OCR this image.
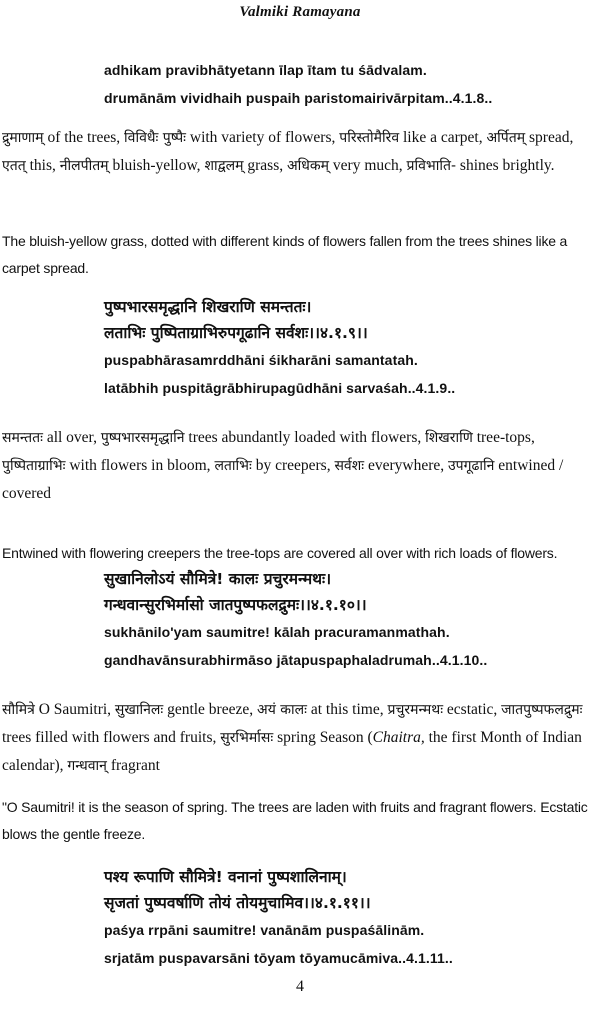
Valmiki Ramayana
adhikam pravibhātyetann īlap ītam tu śādvalam.
drumānām vividhaih puspaih paristomairivārpitam..4.1.8..
द्रुमाणाम् of the trees, विविधैः पुष्पैः with variety of flowers, परिस्तोमैरिव like a carpet, अर्पितम् spread, एतत् this, नीलपीतम् bluish-yellow, शाद्वलम् grass, अधिकम् very much, प्रविभाति- shines brightly.
The bluish-yellow grass, dotted with different kinds of flowers fallen from the trees shines like a carpet spread.
पुष्पभारसमृद्धानि शिखराणि समन्ततः।
लताभिः पुष्पिताग्राभिरुपगूढानि सर्वशः।।४.१.९।।
puspabhārasamrddhāni śikharāni samantatah.
latābhih puspitāgrābhirupagūdhāni sarvaśah..4.1.9..
समन्ततः all over, पुष्पभारसमृद्धानि trees abundantly loaded with flowers, शिखराणि tree-tops, पुष्पिताग्राभिः with flowers in bloom, लताभिः by creepers, सर्वशः everywhere, उपगूढानि entwined / covered
Entwined with flowering creepers the tree-tops are covered all over with rich loads of flowers.
सुखानिलोऽयं सौमित्रे! कालः प्रचुरमन्मथः।
गन्धवान्सुरभिर्मासो जातपुष्पफलद्रुमः।।४.१.१०।।
sukhānilo'yam saumitre! kālah pracuramanmathah.
gandhavānsurabhirmāso jātapuspaphaladrumah..4.1.10..
सौमित्रे O Saumitri, सुखानिलः gentle breeze, अयं कालः at this time, प्रचुरमन्मथः ecstatic, जातपुष्पफलद्रुमः trees filled with flowers and fruits, सुरभिर्मासः spring Season (Chaitra, the first Month of Indian calendar), गन्धवान् fragrant
"O Saumitri! it is the season of spring. The trees are laden with fruits and fragrant flowers. Ecstatic blows the gentle freeze.
पश्य रूपाणि सौमित्रे! वनानां पुष्पशालिनाम्।
सृजतां पुष्पवर्षाणि तोयं तोयमुचामिव।।४.१.११।।
paśya rrpāni saumitre! vanānām puspaśālinām.
srjatām puspavarsāni tōyam tōyamucāmiva..4.1.11..
4
